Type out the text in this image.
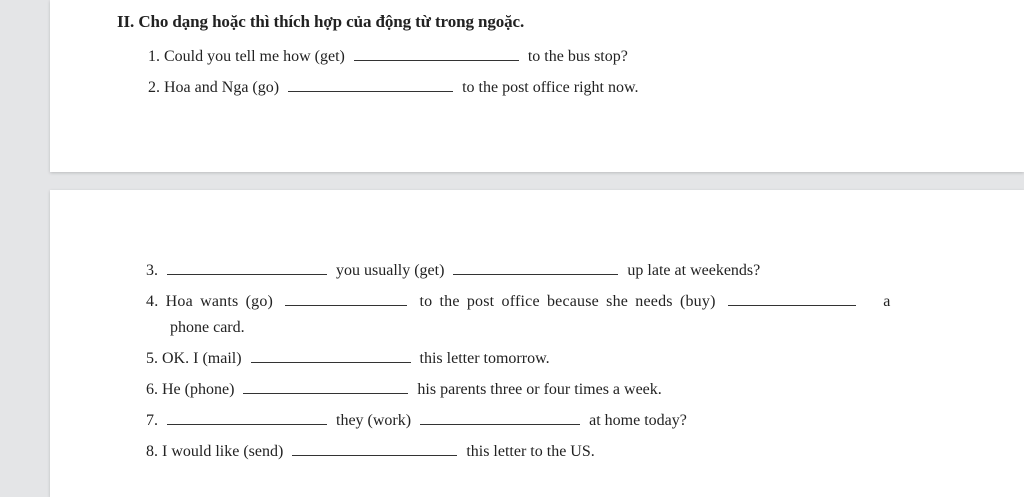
II. Cho dạng hoặc thì thích hợp của động từ trong ngoặc.
1. Could you tell me how (get)	to the bus stop?
2. Hoa and Nga (go)	to the post office right now.
3.	you usually (get)	up late at weekends?
4. Hoa wants (go)	to the post office because she needs (buy)	a
phone card.
5. OK. I (mail)	this letter tomorrow.
6. He (phone)	his parents three or four times a week.
7.	they (work)	at home today?
8. I would like (send)	this letter to the US.
